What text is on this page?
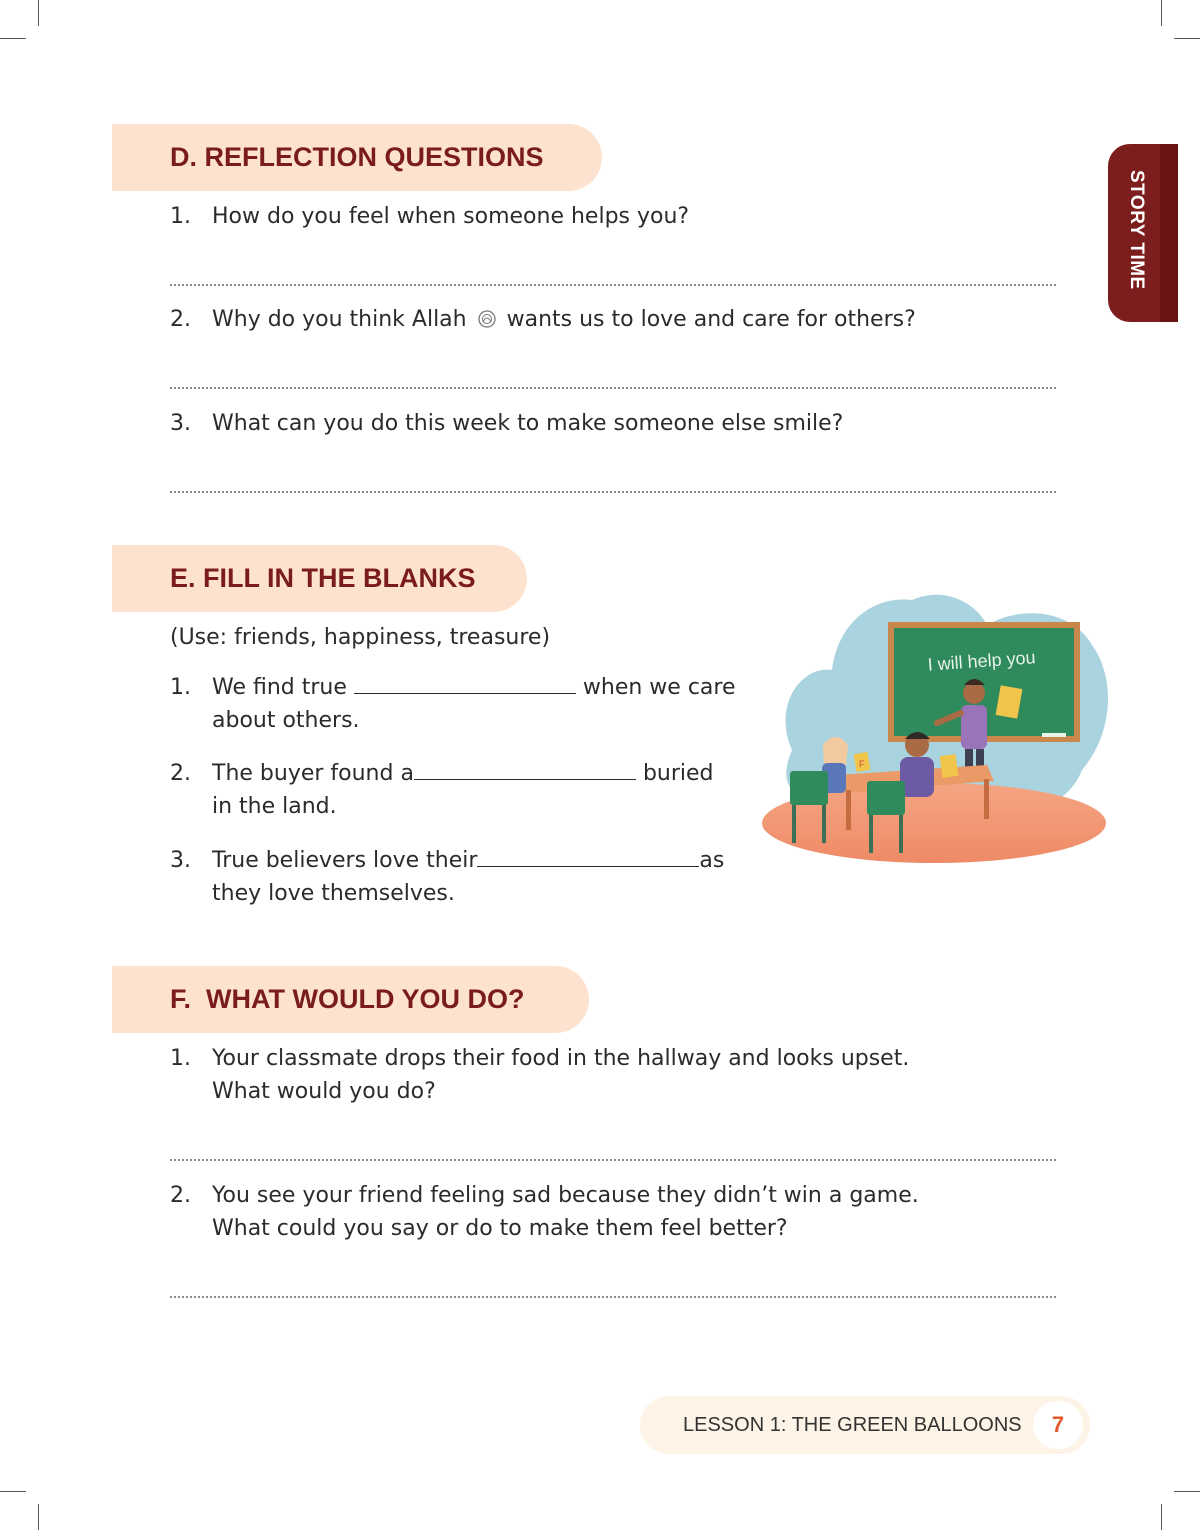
STORY TIME
D. REFLECTION QUESTIONS
1. How do you feel when someone helps you?
2. Why do you think Allah wants us to love and care for others?
3. What can you do this week to make someone else smile?
E. FILL IN THE BLANKS
(Use: friends, happiness, treasure)
1. We find true	when we care
about others.
2. The buyer found a	buried
in the land.
3. True believers love their	as
they love themselves.
I will help you
F
F.  WHAT WOULD YOU DO?
1. Your classmate drops their food in the hallway and looks upset.
What would you do?
2. You see your friend feeling sad because they didn’t win a game.
What could you say or do to make them feel better?
LESSON 1: THE GREEN BALLOONS	7
